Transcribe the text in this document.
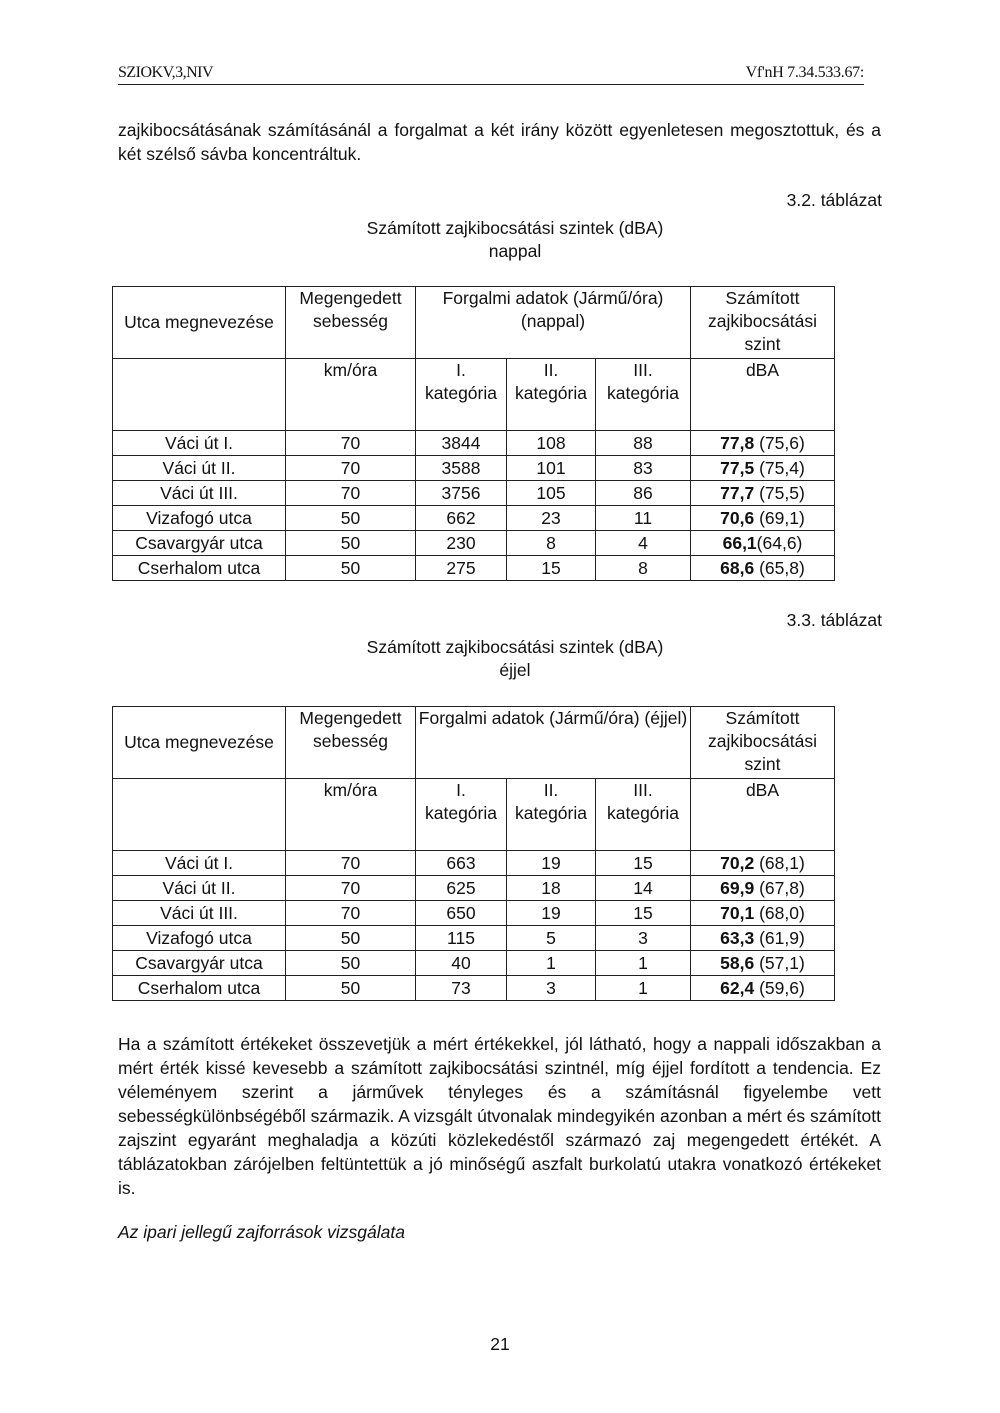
SZIOKV,3,NIV	Vf'nH 7.34.533.67:

zajkibocsátásának számításánál a forgalmat a két irány között egyenletesen megosztottuk, és a két szélső sávba koncentráltuk.

3.2. táblázat
Számított zajkibocsátási szintek (dBA)
nappal
Utca megnevezése	Megengedett sebesség	Forgalmi adatok (Jármű/óra) (nappal)			Számított zajkibocsátási szint
	km/óra	I. kategória	II. kategória	III. kategória	dBA
Váci út I.	70	3844	108	88	77,8 (75,6)
Váci út II.	70	3588	101	83	77,5 (75,4)
Váci út III.	70	3756	105	86	77,7 (75,5)
Vizafogó utca	50	662	23	11	70,6 (69,1)
Csavargyár utca	50	230	8	4	66,1(64,6)
Cserhalom utca	50	275	15	8	68,6 (65,8)
3.3. táblázat
Számított zajkibocsátási szintek (dBA)
éjjel
Utca megnevezése	Megengedett sebesség	Forgalmi adatok (Jármű/óra) (éjjel)			Számított zajkibocsátási szint
	km/óra	I. kategória	II. kategória	III. kategória	dBA
Váci út I.	70	663	19	15	70,2 (68,1)
Váci út II.	70	625	18	14	69,9 (67,8)
Váci út III.	70	650	19	15	70,1 (68,0)
Vizafogó utca	50	115	5	3	63,3 (61,9)
Csavargyár utca	50	40	1	1	58,6 (57,1)
Cserhalom utca	50	73	3	1	62,4 (59,6)

Ha a számított értékeket összevetjük a mért értékekkel, jól látható, hogy a nappali időszakban a mért érték kissé kevesebb a számított zajkibocsátási szintnél, míg éjjel fordított a tendencia. Ez véleményem szerint a járművek tényleges és a számításnál figyelembe vett sebességkülönbségéből származik. A vizsgált útvonalak mindegyikén azonban a mért és számított zajszint egyaránt meghaladja a közúti közlekedéstől származó zaj megengedett értékét. A táblázatokban zárójelben feltüntettük a jó minőségű aszfalt burkolatú utakra vonatkozó értékeket is.

Az ipari jellegű zajforrások vizsgálata
21
